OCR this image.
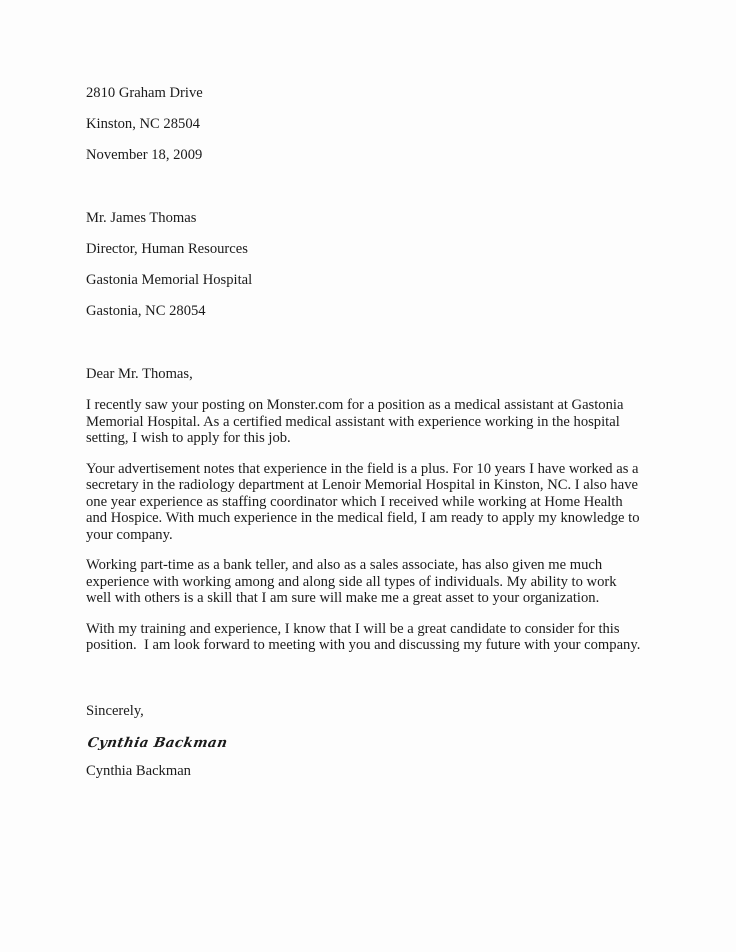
2810 Graham Drive
Kinston, NC 28504
November 18, 2009
Mr. James Thomas
Director, Human Resources
Gastonia Memorial Hospital
Gastonia, NC 28054
Dear Mr. Thomas,
I recently saw your posting on Monster.com for a position as a medical assistant at Gastonia Memorial Hospital. As a certified medical assistant with experience working in the hospital setting, I wish to apply for this job.
Your advertisement notes that experience in the field is a plus. For 10 years I have worked as a secretary in the radiology department at Lenoir Memorial Hospital in Kinston, NC. I also have one year experience as staffing coordinator which I received while working at Home Health and Hospice. With much experience in the medical field, I am ready to apply my knowledge to your company.
Working part-time as a bank teller, and also as a sales associate, has also given me much experience with working among and along side all types of individuals. My ability to work well with others is a skill that I am sure will make me a great asset to your organization.
With my training and experience, I know that I will be a great candidate to consider for this position.  I am look forward to meeting with you and discussing my future with your company.
Sincerely,
Cynthia Backman
Cynthia Backman
